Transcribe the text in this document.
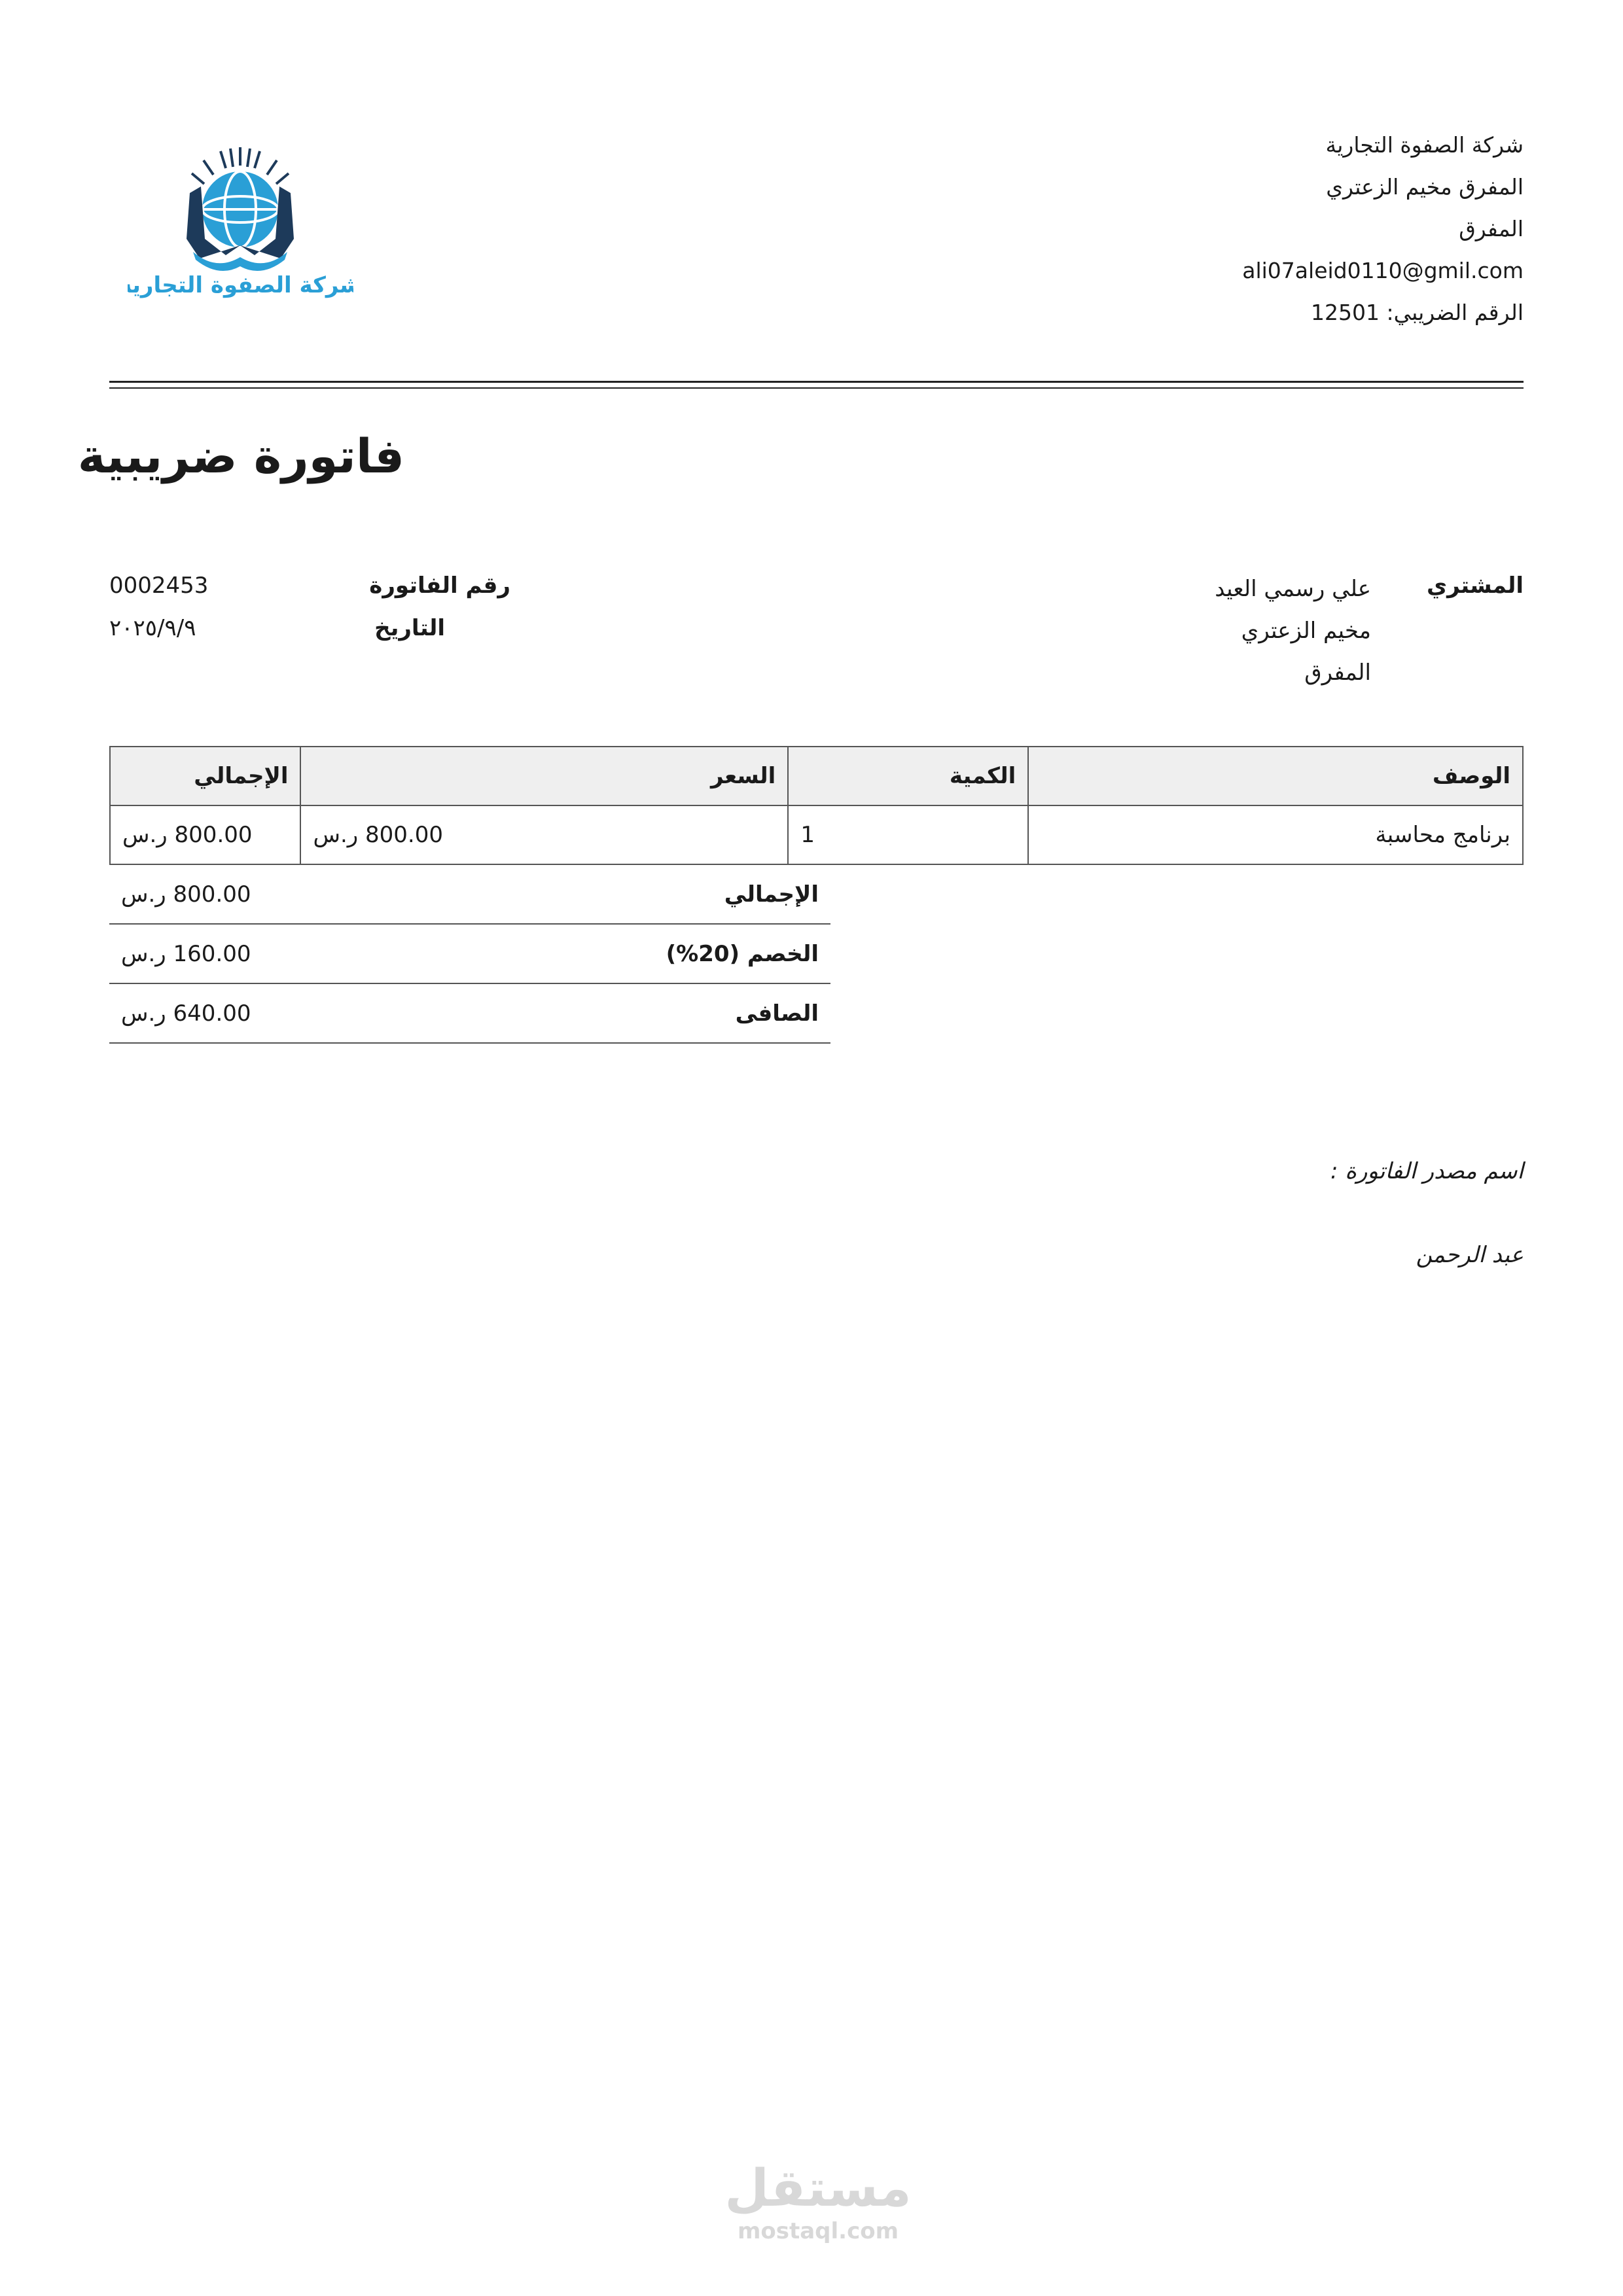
شركة الصفوة التجارية
المفرق مخيم الزعتري
المفرق
ali07aleid0110@gmil.com
الرقم الضريبي: 12501
شركة الصفوة التجارية
فاتورة ضريبية
المشتري
علي رسمي العيد
مخيم الزعتري
المفرق
رقم الفاتورة
0002453
التاريخ
٢٠٢٥/٩/٩
الوصف	الكمية	السعر	الإجمالي
برنامج محاسبة	1	800.00 ر.س	800.00 ر.س
الإجمالي		800.00 ر.س
الخصم (20%)		160.00 ر.س
الصافى		640.00 ر.س
اسم مصدر الفاتورة :
عبد الرحمن
مستقل
mostaql.com
